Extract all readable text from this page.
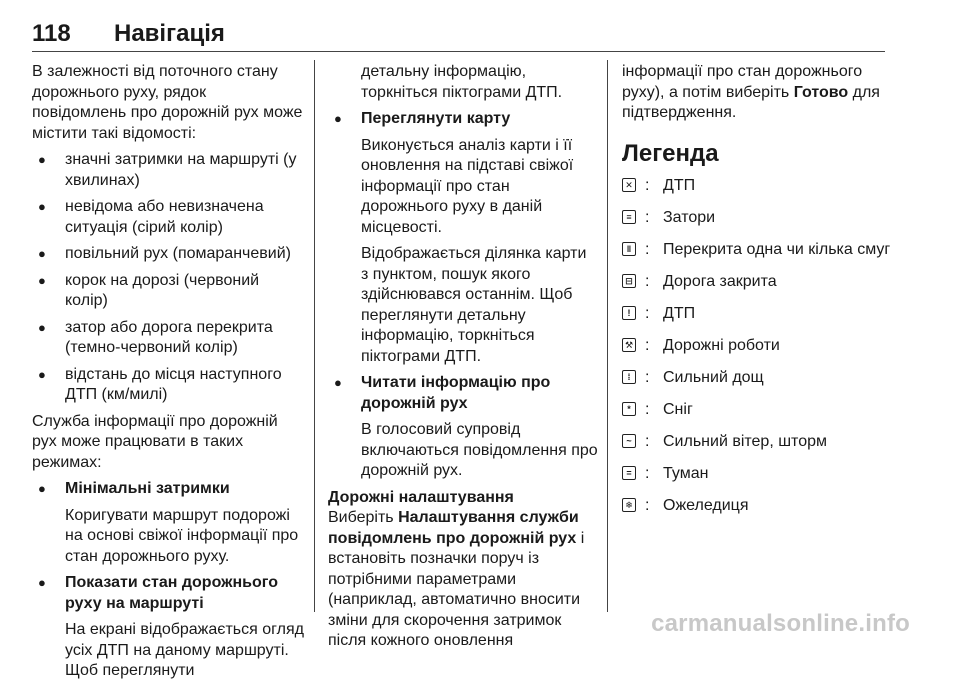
118 Навігація

В залежності від поточного стану дорожнього руху, рядок повідомлень про дорожній рух може містити такі відомості:

● значні затримки на маршруті (у хвилинах)
● невідома або невизначена ситуація (сірий колір)
● повільний рух (помаранчевий)
● корок на дорозі (червоний колір)
● затор або дорога перекрита (темно-червоний колір)
● відстань до місця наступного ДТП (км/милі)

Служба інформації про дорожній рух може працювати в таких режимах:

● Мінімальні затримки
Коригувати маршрут подорожі на основі свіжої інформації про стан дорожнього руху.
● Показати стан дорожнього руху на маршруті
На екрані відображається огляд усіх ДТП на даному маршруті. Щоб переглянути

детальну інформацію, торкніться піктограми ДТП.

● Переглянути карту
Виконується аналіз карти і її оновлення на підставі свіжої інформації про стан дорожнього руху в даній місцевості.
Відображається ділянка карти з пунктом, пошук якого здійснювався останнім. Щоб переглянути детальну інформацію, торкніться піктограми ДТП.
● Читати інформацію про дорожній рух
В голосовий супровід включаються повідомлення про дорожній рух.

Дорожні налаштування

Виберіть Налаштування служби повідомлень про дорожній рух і встановіть позначки поруч із потрібними параметрами (наприклад, автоматично вносити зміни для скорочення затримок після кожного оновлення

інформації про стан дорожнього руху), а потім виберіть Готово для підтвердження.

Легенда
✕ : ДТП
≡ : Затори
‖ : Перекрита одна чи кілька смуг
⊟ : Дорога закрита
! : ДТП
⚒ : Дорожні роботи
⁞ : Сильний дощ
* : Сніг
~ : Сильний вітер, шторм
= : Туман
❄ : Ожеледиця
carmanualsonline.info
